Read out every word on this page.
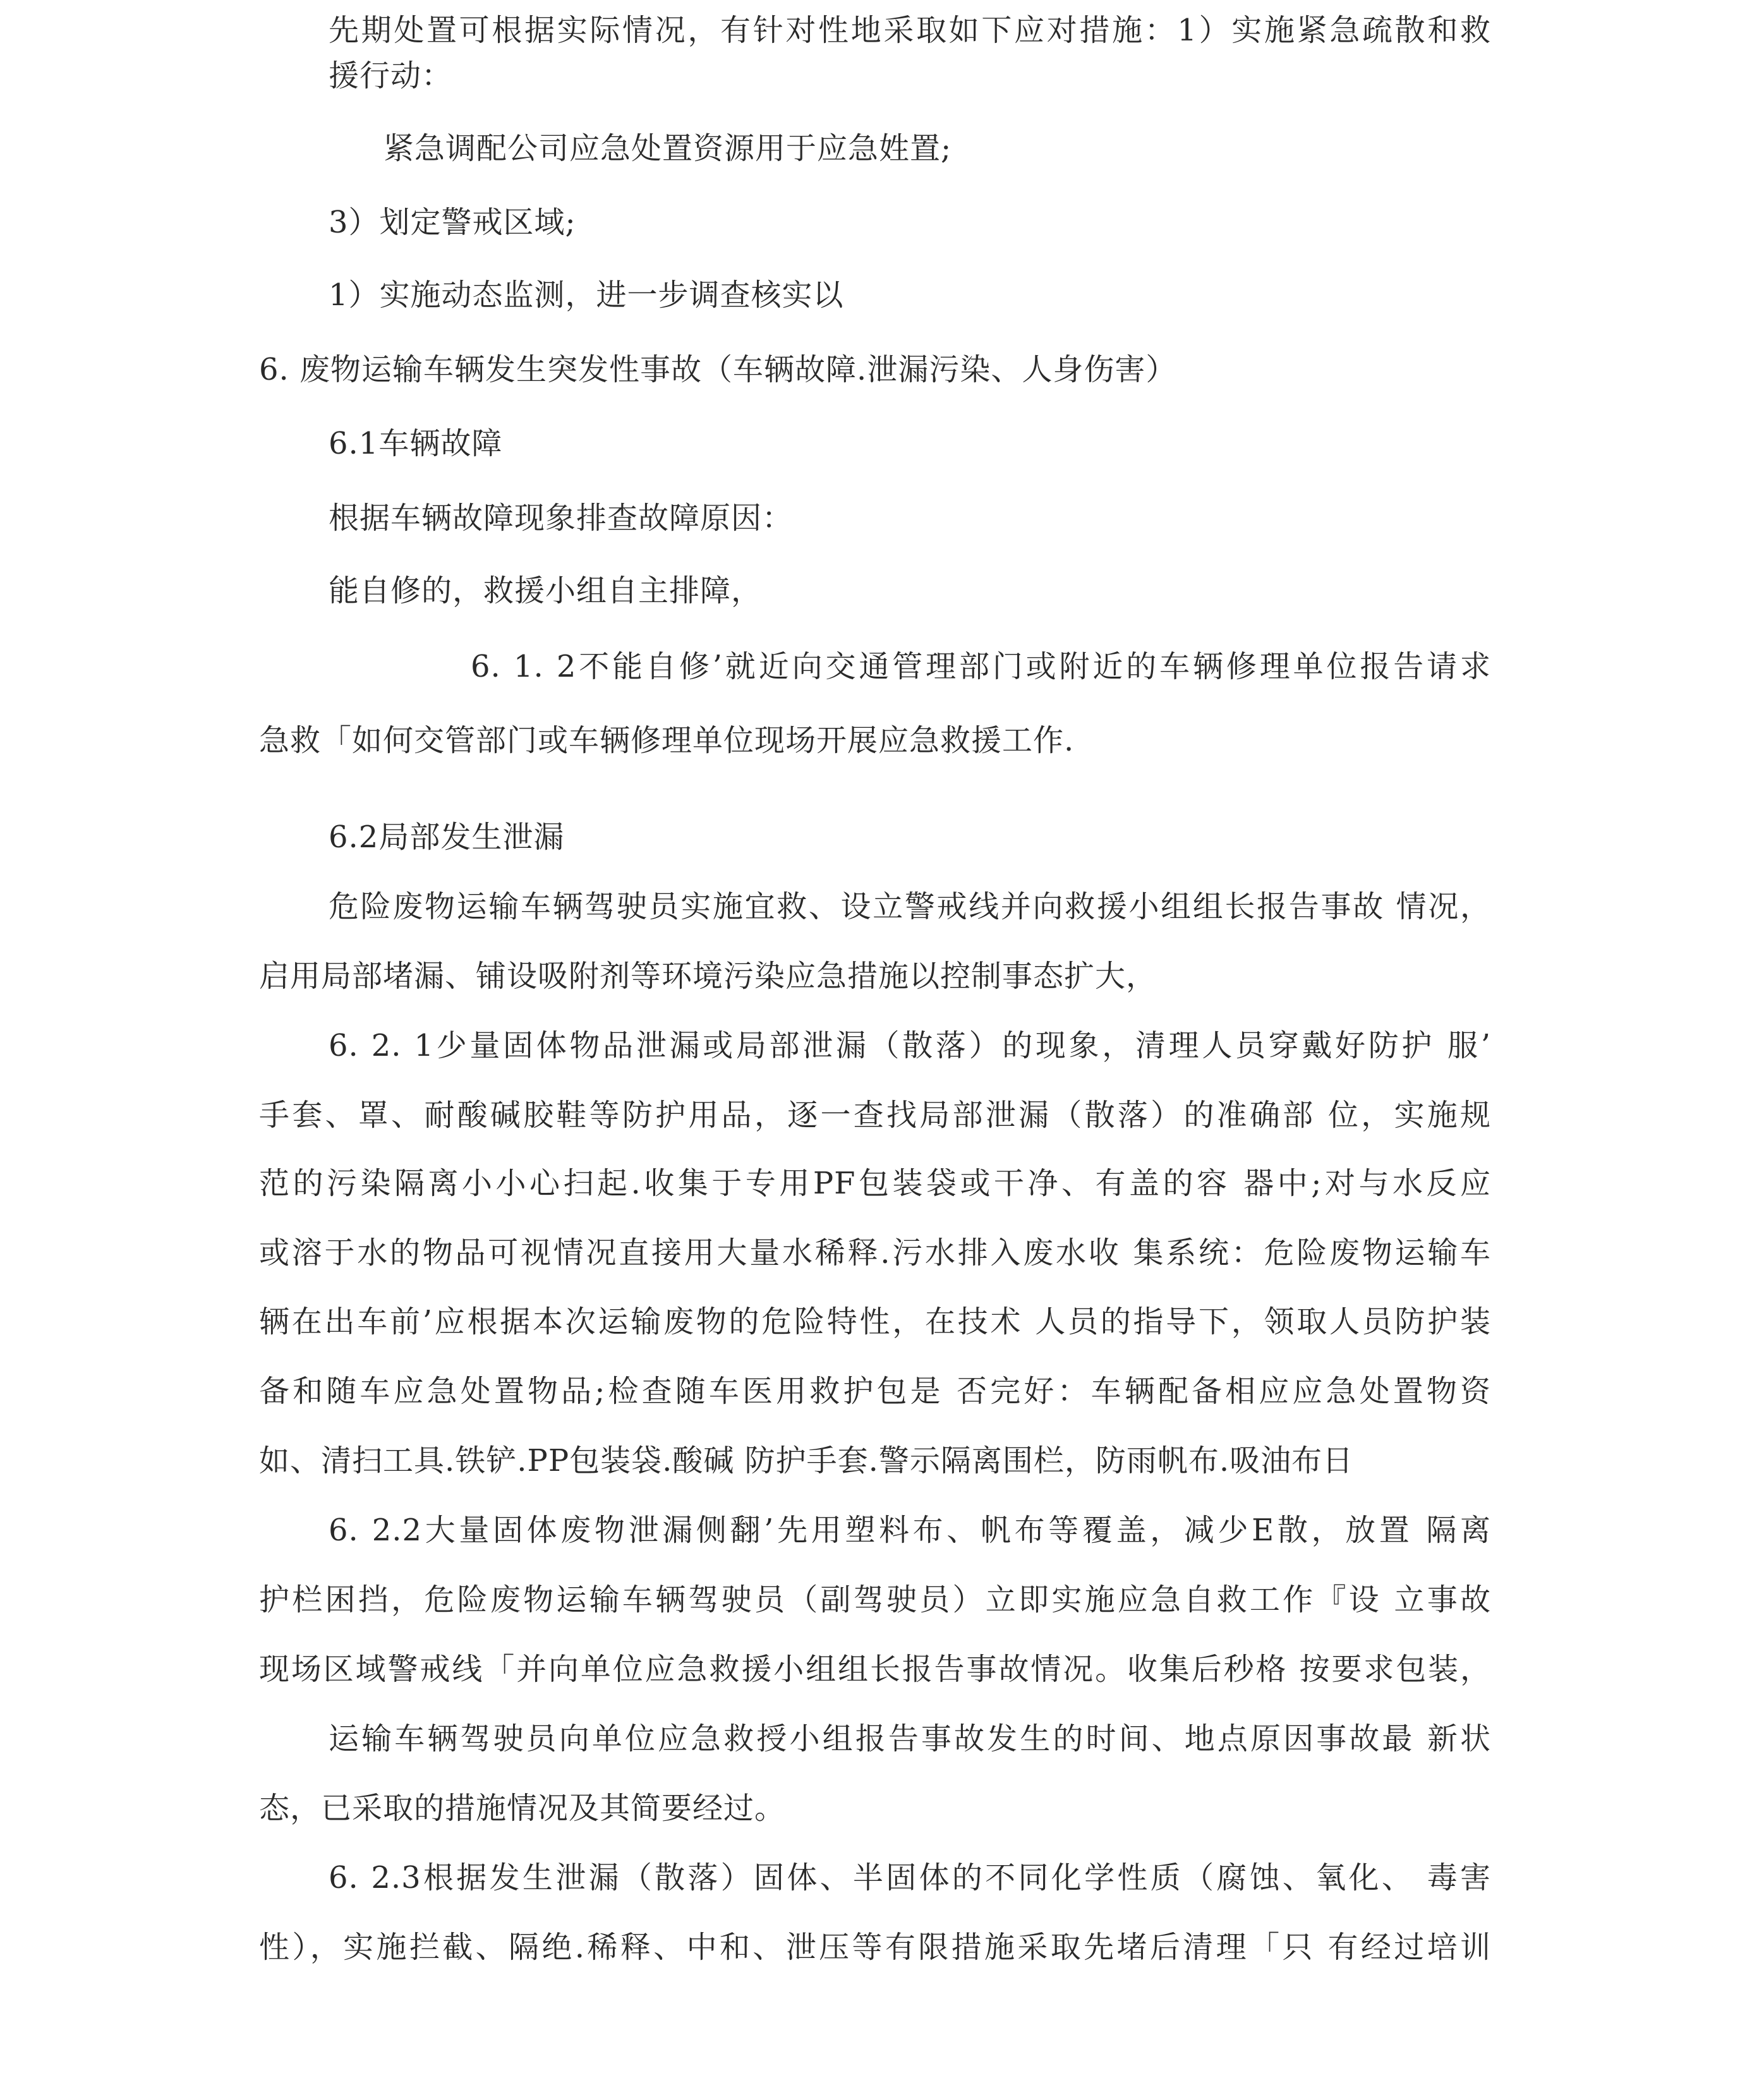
先期处置可根据实际情况，有针对性地采取如下应对措施：1）实施紧急疏散和救
援行动：
紧急调配公司应急处置资源用于应急姓置;
3）划定警戒区域;
1）实施动态监测，进一步调查核实以
6. 废物运输车辆发生突发性事故（车辆故障.泄漏污染、人身伤害）
6.1车辆故障
根据车辆故障现象排查故障原因：
能自修的，救援小组自主排障，
6. 1. 2不能自修’就近向交通管理部门或附近的车辆修理单位报告请求
急救「如何交管部门或车辆修理单位现场开展应急救援工作.
6.2局部发生泄漏
危险废物运输车辆驾驶员实施宜救、设立警戒线并向救援小组组长报告事故 情况，
启用局部堵漏、铺设吸附剂等环境污染应急措施以控制事态扩大，
6. 2. 1少量固体物品泄漏或局部泄漏（散落）的现象，清理人员穿戴好防护 服’
手套、罩、耐酸碱胶鞋等防护用品，逐一查找局部泄漏（散落）的准确部 位，实施规
范的污染隔离小小心扫起.收集于专用PF包装袋或干净、有盖的容 器中;对与水反应
或溶于水的物品可视情况直接用大量水稀释.污水排入废水收 集系统：危险废物运输车
辆在出车前’应根据本次运输废物的危险特性，在技术 人员的指导下，领取人员防护装
备和随车应急处置物品;检查随车医用救护包是 否完好：车辆配备相应应急处置物资
如、清扫工具.铁铲.PP包装袋.酸碱 防护手套.警示隔离围栏，防雨帆布.吸油布日
6. 2.2大量固体废物泄漏侧翻’先用塑料布、帆布等覆盖，减少E散，放置 隔离
护栏困挡，危险废物运输车辆驾驶员（副驾驶员）立即实施应急自救工作『设 立事故
现场区域警戒线「并向单位应急救援小组组长报告事故情况。收集后秒格 按要求包装，
运输车辆驾驶员向单位应急救授小组报告事故发生的时间、地点原因事故最 新状
态，已采取的措施情况及其简要经过。
6. 2.3根据发生泄漏（散落）固体、半固体的不同化学性质（腐蚀、氧化、 毒害
性），实施拦截、隔绝.稀释、中和、泄压等有限措施采取先堵后清理「只 有经过培训
